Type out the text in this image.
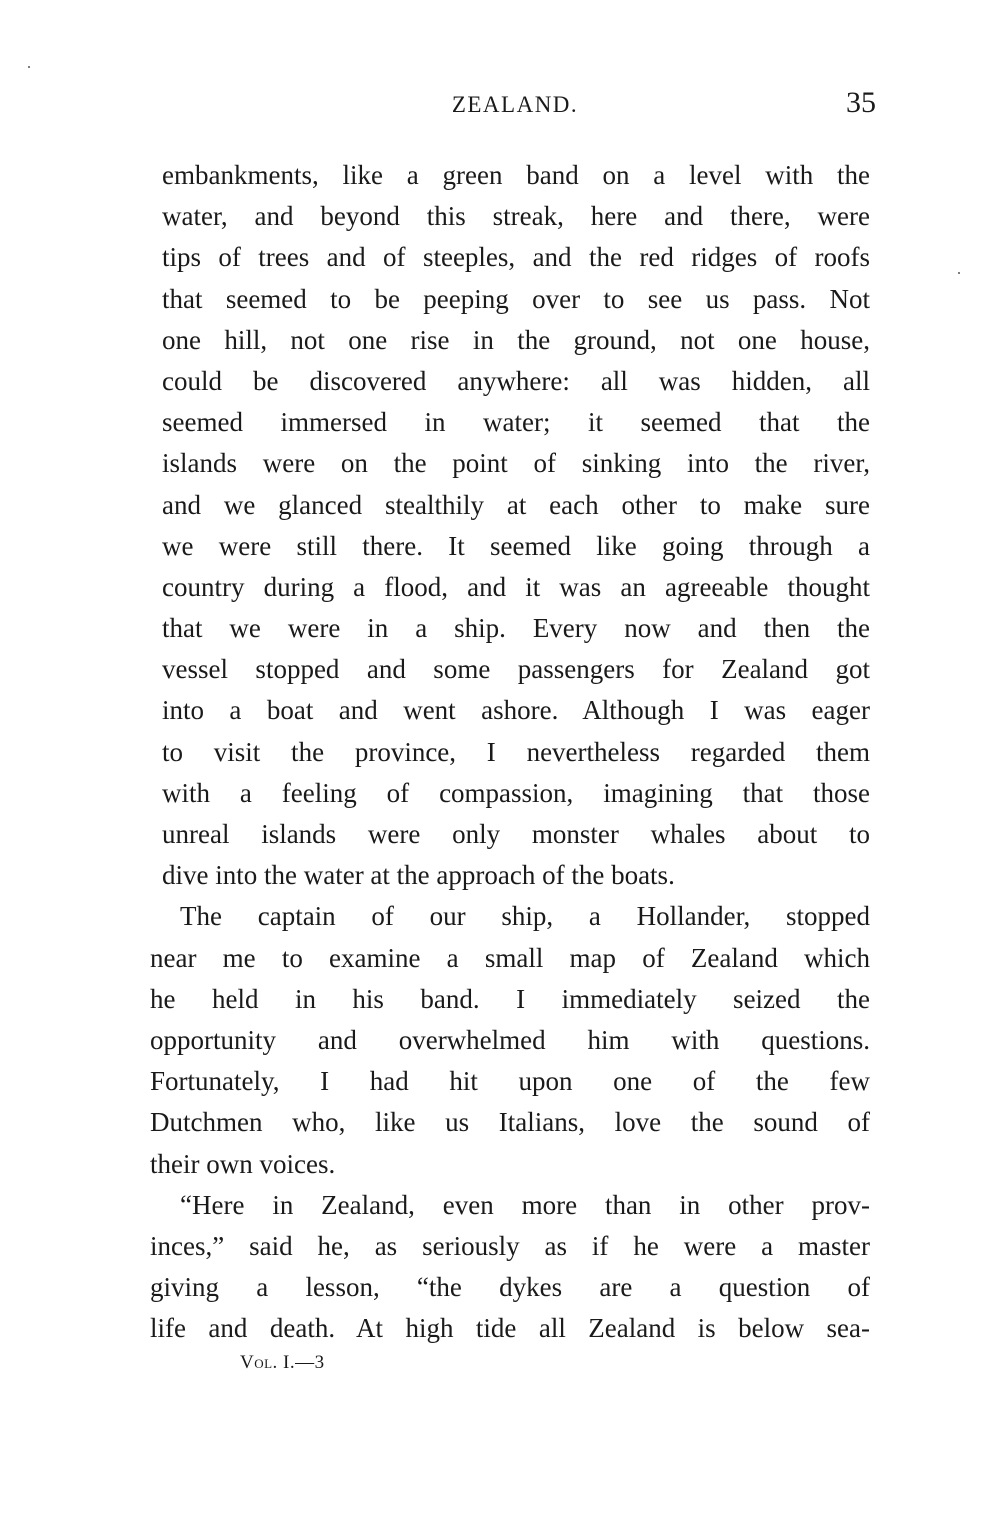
ZEALAND.	35
embankments, like a green band on a level with the
water, and beyond this streak, here and there, were
tips of trees and of steeples, and the red ridges of roofs
that seemed to be peeping over to see us pass. Not
one hill, not one rise in the ground, not one house,
could be discovered anywhere: all was hidden, all
seemed immersed in water; it seemed that the
islands were on the point of sinking into the river,
and we glanced stealthily at each other to make sure
we were still there. It seemed like going through a
country during a flood, and it was an agreeable thought
that we were in a ship. Every now and then the
vessel stopped and some passengers for Zealand got
into a boat and went ashore. Although I was eager
to visit the province, I nevertheless regarded them
with a feeling of compassion, imagining that those
unreal islands were only monster whales about to
dive into the water at the approach of the boats.
The captain of our ship, a Hollander, stopped
near me to examine a small map of Zealand which
he held in his band. I immediately seized the
opportunity and overwhelmed him with questions.
Fortunately, I had hit upon one of the few
Dutchmen who, like us Italians, love the sound of
their own voices.
“Here in Zealand, even more than in other prov-
inces,” said he, as seriously as if he were a master
giving a lesson, “the dykes are a question of
life and death. At high tide all Zealand is below sea-
Vol. I.—3
